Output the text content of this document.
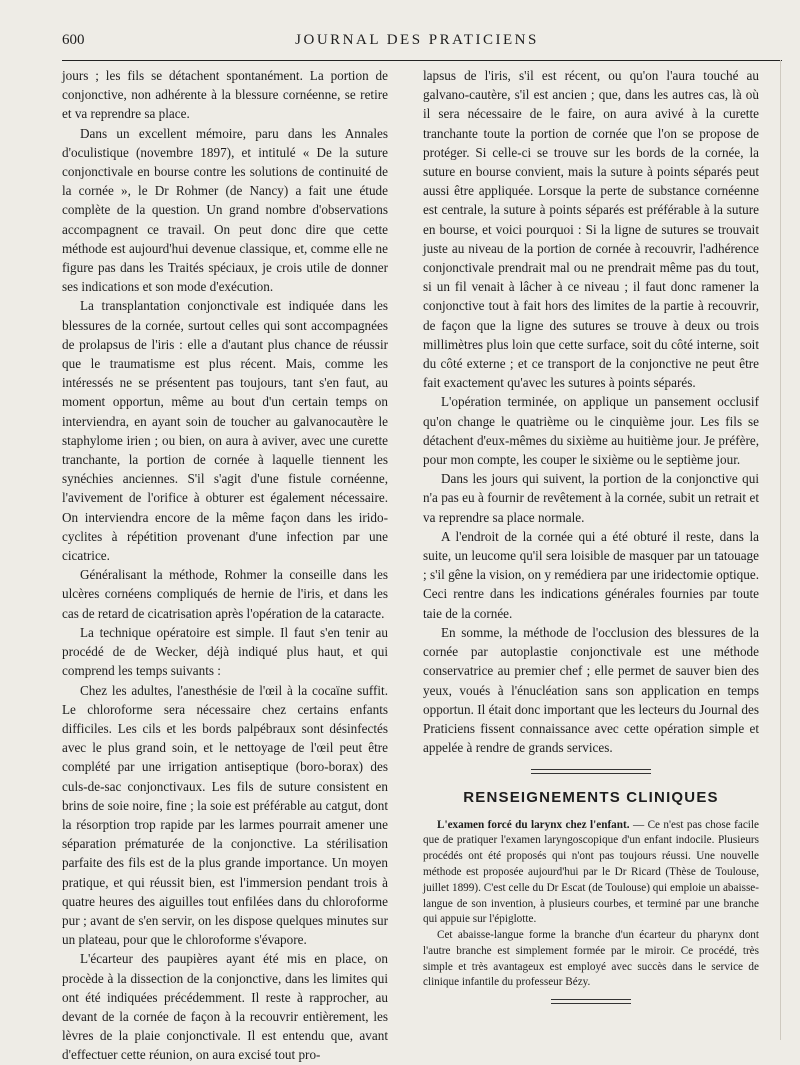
600	JOURNAL DES PRATICIENS

jours ; les fils se détachent spontanément. La portion de conjonctive, non adhérente à la blessure cornéenne, se retire et va reprendre sa place.

Dans un excellent mémoire, paru dans les Annales d'oculistique (novembre 1897), et intitulé « De la suture conjonctivale en bourse contre les solutions de continuité de la cornée », le Dr Rohmer (de Nancy) a fait une étude complète de la question. Un grand nombre d'observations accompagnent ce travail. On peut donc dire que cette méthode est aujourd'hui devenue classique, et, comme elle ne figure pas dans les Traités spéciaux, je crois utile de donner ses indications et son mode d'exécution.

La transplantation conjonctivale est indiquée dans les blessures de la cornée, surtout celles qui sont accompagnées de prolapsus de l'iris : elle a d'autant plus chance de réussir que le traumatisme est plus récent. Mais, comme les intéressés ne se présentent pas toujours, tant s'en faut, au moment opportun, même au bout d'un certain temps on interviendra, en ayant soin de toucher au galvanocautère le staphylome irien ; ou bien, on aura à aviver, avec une curette tranchante, la portion de cornée à laquelle tiennent les synéchies anciennes. S'il s'agit d'une fistule cornéenne, l'avivement de l'orifice à obturer est également nécessaire. On interviendra encore de la même façon dans les irido-cyclites à répétition provenant d'une infection par une cicatrice.

Généralisant la méthode, Rohmer la conseille dans les ulcères cornéens compliqués de hernie de l'iris, et dans les cas de retard de cicatrisation après l'opération de la cataracte.

La technique opératoire est simple. Il faut s'en tenir au procédé de de Wecker, déjà indiqué plus haut, et qui comprend les temps suivants :

Chez les adultes, l'anesthésie de l'œil à la cocaïne suffit. Le chloroforme sera nécessaire chez certains enfants difficiles. Les cils et les bords palpébraux sont désinfectés avec le plus grand soin, et le nettoyage de l'œil peut être complété par une irrigation antiseptique (boro-borax) des culs-de-sac conjonctivaux. Les fils de suture consistent en brins de soie noire, fine ; la soie est préférable au catgut, dont la résorption trop rapide par les larmes pourrait amener une séparation prématurée de la conjonctive. La stérilisation parfaite des fils est de la plus grande importance. Un moyen pratique, et qui réussit bien, est l'immersion pendant trois à quatre heures des aiguilles tout enfilées dans du chloroforme pur ; avant de s'en servir, on les dispose quelques minutes sur un plateau, pour que le chloroforme s'évapore.

L'écarteur des paupières ayant été mis en place, on procède à la dissection de la conjonctive, dans les limites qui ont été indiquées précédemment. Il reste à rapprocher, au devant de la cornée de façon à la recouvrir entièrement, les lèvres de la plaie conjonctivale. Il est entendu que, avant d'effectuer cette réunion, on aura excisé tout pro-

lapsus de l'iris, s'il est récent, ou qu'on l'aura touché au galvano-cautère, s'il est ancien ; que, dans les autres cas, là où il sera nécessaire de le faire, on aura avivé à la curette tranchante toute la portion de cornée que l'on se propose de protéger. Si celle-ci se trouve sur les bords de la cornée, la suture en bourse convient, mais la suture à points séparés peut aussi être appliquée. Lorsque la perte de substance cornéenne est centrale, la suture à points séparés est préférable à la suture en bourse, et voici pourquoi : Si la ligne de sutures se trouvait juste au niveau de la portion de cornée à recouvrir, l'adhérence conjonctivale prendrait mal ou ne prendrait même pas du tout, si un fil venait à lâcher à ce niveau ; il faut donc ramener la conjonctive tout à fait hors des limites de la partie à recouvrir, de façon que la ligne des sutures se trouve à deux ou trois millimètres plus loin que cette surface, soit du côté interne, soit du côté externe ; et ce transport de la conjonctive ne peut être fait exactement qu'avec les sutures à points séparés.

L'opération terminée, on applique un pansement occlusif qu'on change le quatrième ou le cinquième jour. Les fils se détachent d'eux-mêmes du sixième au huitième jour. Je préfère, pour mon compte, les couper le sixième ou le septième jour.

Dans les jours qui suivent, la portion de la conjonctive qui n'a pas eu à fournir de revêtement à la cornée, subit un retrait et va reprendre sa place normale.

A l'endroit de la cornée qui a été obturé il reste, dans la suite, un leucome qu'il sera loisible de masquer par un tatouage ; s'il gêne la vision, on y remédiera par une iridectomie optique. Ceci rentre dans les indications générales fournies par toute taie de la cornée.

En somme, la méthode de l'occlusion des blessures de la cornée par autoplastie conjonctivale est une méthode conservatrice au premier chef ; elle permet de sauver bien des yeux, voués à l'énucléation sans son application en temps opportun. Il était donc important que les lecteurs du Journal des Praticiens fissent connaissance avec cette opération simple et appelée à rendre de grands services.

RENSEIGNEMENTS CLINIQUES

L'examen forcé du larynx chez l'enfant. — Ce n'est pas chose facile que de pratiquer l'examen laryngoscopique d'un enfant indocile. Plusieurs procédés ont été proposés qui n'ont pas toujours réussi. Une nouvelle méthode est proposée aujourd'hui par le Dr Ricard (Thèse de Toulouse, juillet 1899). C'est celle du Dr Escat (de Toulouse) qui emploie un abaisse-langue de son invention, à plusieurs courbes, et terminé par une branche qui appuie sur l'épiglotte.

Cet abaisse-langue forme la branche d'un écarteur du pharynx dont l'autre branche est simplement formée par le miroir. Ce procédé, très simple et très avantageux est employé avec succès dans le service de clinique infantile du professeur Bézy.
